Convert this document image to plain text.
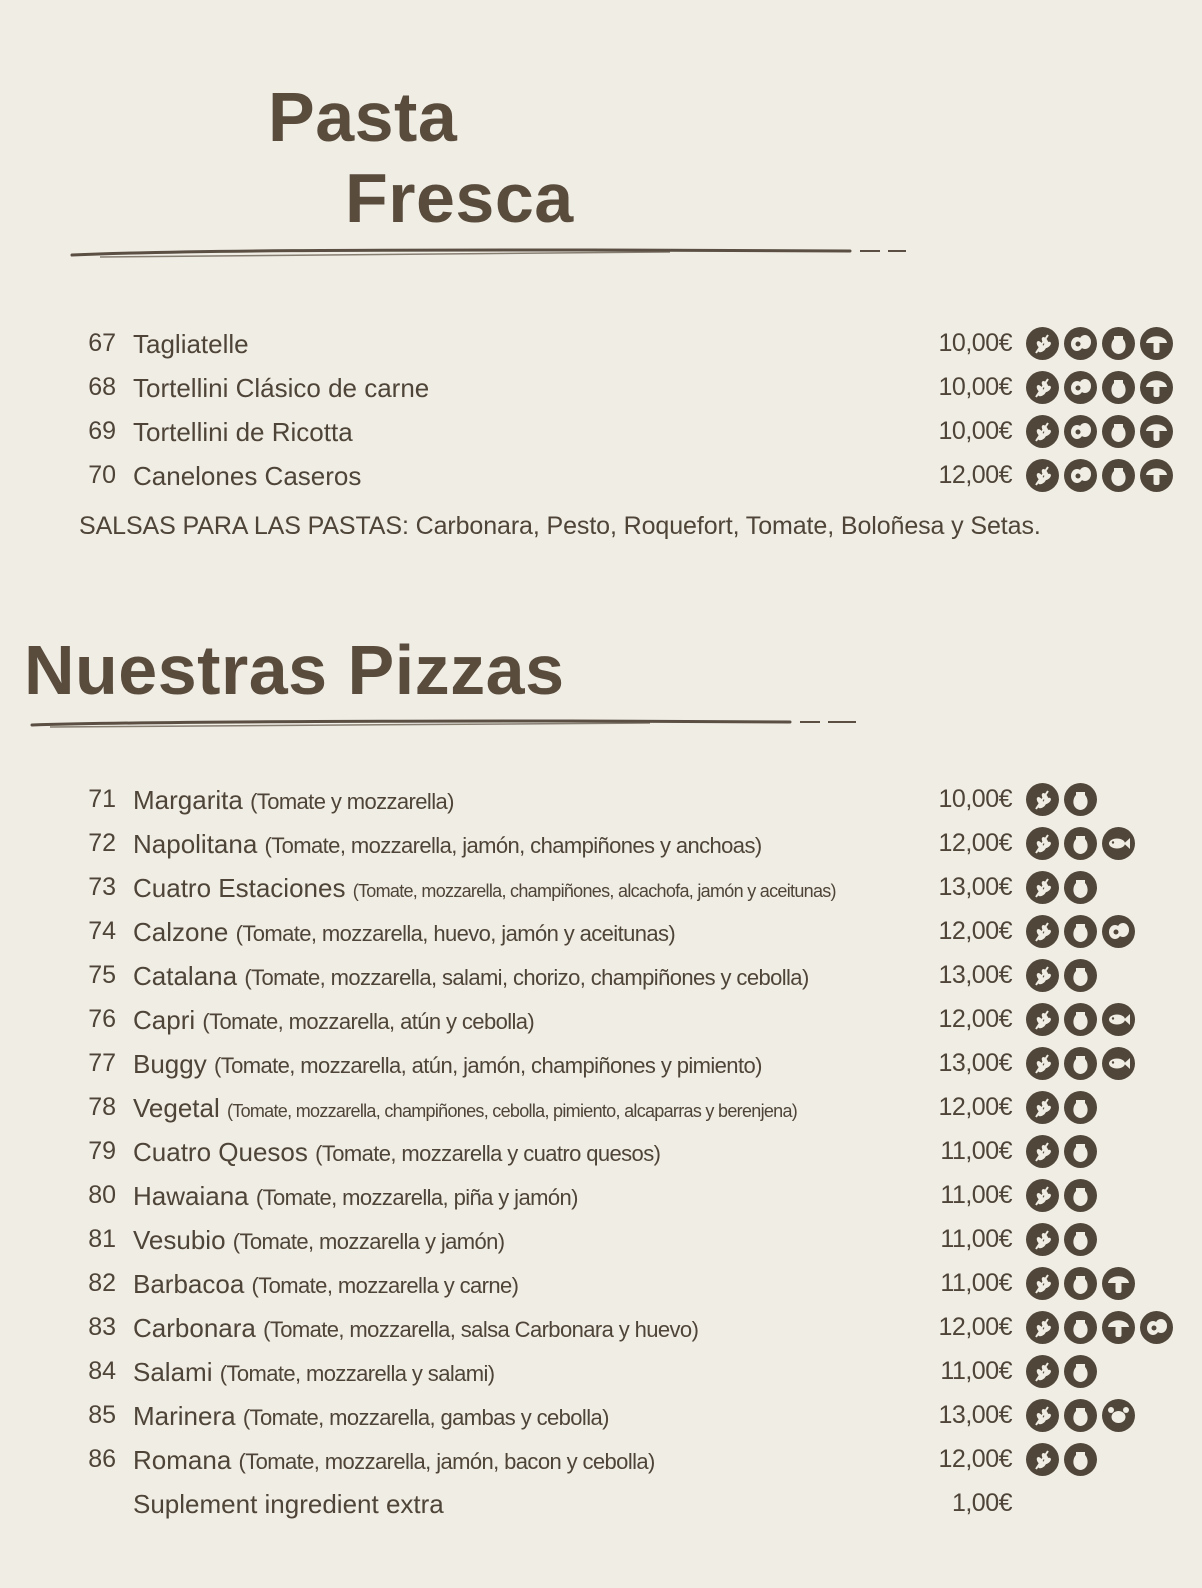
Pasta
Fresca
67 Tagliatelle	10,00€
68 Tortellini Clásico de carne	10,00€
69 Tortellini de Ricotta	10,00€
70 Canelones Caseros	12,00€
SALSAS PARA LAS PASTAS: Carbonara, Pesto, Roquefort, Tomate, Boloñesa y Setas.
Nuestras Pizzas
71 Margarita (Tomate y mozzarella)	10,00€
72 Napolitana (Tomate, mozzarella, jamón, champiñones y anchoas)	12,00€
73 Cuatro Estaciones (Tomate, mozzarella, champiñones, alcachofa, jamón y aceitunas)	13,00€
74 Calzone (Tomate, mozzarella, huevo, jamón y aceitunas)	12,00€
75 Catalana (Tomate, mozzarella, salami, chorizo, champiñones y cebolla)	13,00€
76 Capri (Tomate, mozzarella, atún y cebolla)	12,00€
77 Buggy (Tomate, mozzarella, atún, jamón, champiñones y pimiento)	13,00€
78 Vegetal (Tomate, mozzarella, champiñones, cebolla, pimiento, alcaparras y berenjena)	12,00€
79 Cuatro Quesos (Tomate, mozzarella y cuatro quesos)	11,00€
80 Hawaiana (Tomate, mozzarella, piña y jamón)	11,00€
81 Vesubio (Tomate, mozzarella y jamón)	11,00€
82 Barbacoa (Tomate, mozzarella y carne)	11,00€
83 Carbonara (Tomate, mozzarella, salsa Carbonara y huevo)	12,00€
84 Salami (Tomate, mozzarella y salami)	11,00€
85 Marinera (Tomate, mozzarella, gambas y cebolla)	13,00€
86 Romana (Tomate, mozzarella, jamón, bacon y cebolla)	12,00€
Suplement ingredient extra	1,00€
